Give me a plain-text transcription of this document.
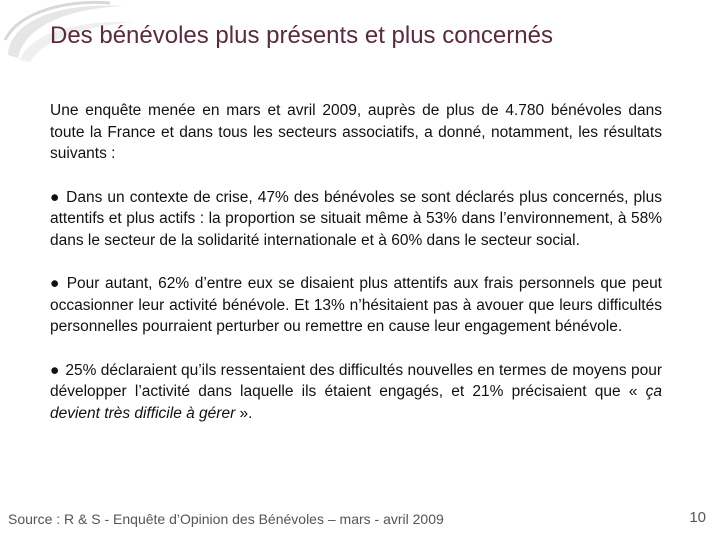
Des bénévoles plus présents et plus concernés

Une enquête menée en mars et avril 2009, auprès de plus de 4.780 bénévoles dans toute la France et dans tous les secteurs associatifs, a donné, notamment, les résultats suivants :

● Dans un contexte de crise, 47% des bénévoles se sont déclarés plus concernés, plus attentifs et plus actifs : la proportion se situait même à 53% dans l’environnement, à 58% dans le secteur de la solidarité internationale et à 60% dans le secteur social.

● Pour autant, 62% d’entre eux se disaient plus attentifs aux frais personnels que peut occasionner leur activité bénévole. Et 13% n’hésitaient pas à avouer que leurs difficultés personnelles pourraient perturber ou remettre en cause leur engagement bénévole.

● 25% déclaraient qu’ils ressentaient des difficultés nouvelles en termes de moyens pour développer l’activité dans laquelle ils étaient engagés, et 21% précisaient que « ça devient très difficile à gérer ».

Source : R & S - Enquête d’Opinion des Bénévoles – mars - avril 2009	10
